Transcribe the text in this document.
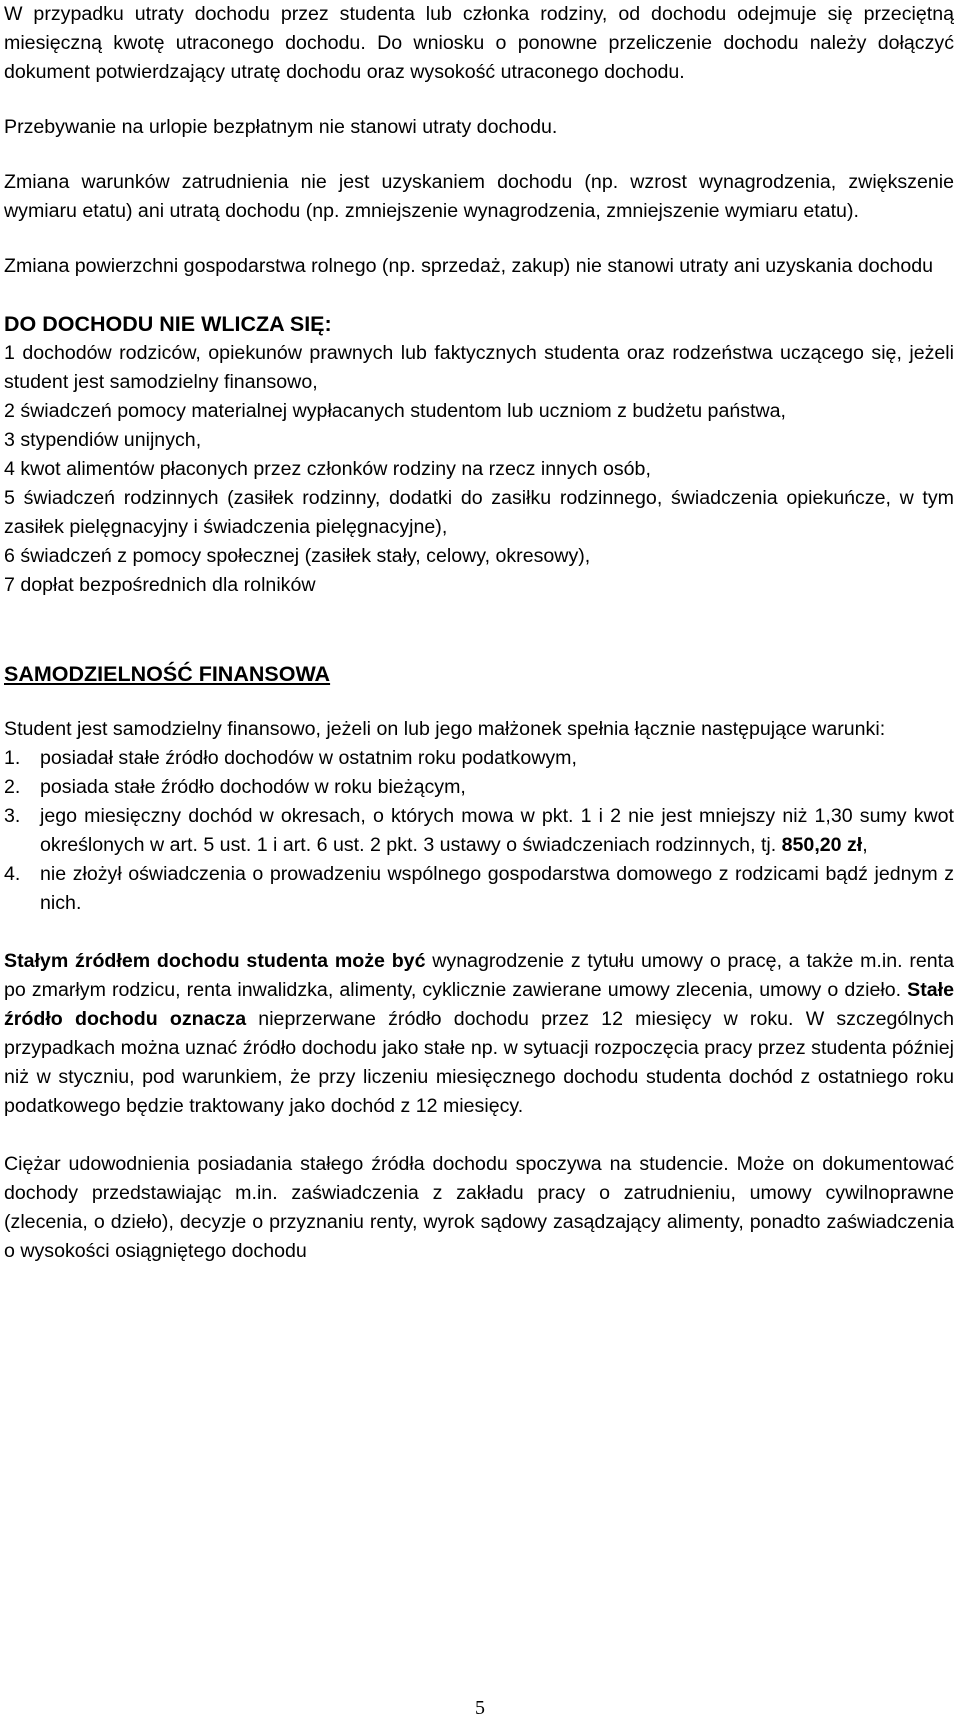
W przypadku utraty dochodu przez studenta lub członka rodziny, od dochodu odejmuje się przeciętną miesięczną kwotę utraconego dochodu. Do wniosku o ponowne przeliczenie dochodu należy dołączyć dokument potwierdzający utratę dochodu oraz wysokość utraconego dochodu.

Przebywanie na urlopie bezpłatnym nie stanowi utraty dochodu.

Zmiana warunków zatrudnienia nie jest uzyskaniem dochodu (np. wzrost wynagrodzenia, zwiększenie wymiaru etatu) ani utratą dochodu (np. zmniejszenie wynagrodzenia, zmniejszenie wymiaru etatu).

Zmiana powierzchni gospodarstwa rolnego (np. sprzedaż, zakup) nie stanowi utraty ani uzyskania dochodu

DO DOCHODU NIE WLICZA SIĘ:
1 dochodów rodziców, opiekunów prawnych lub faktycznych studenta oraz rodzeństwa uczącego się, jeżeli student jest samodzielny finansowo,
2 świadczeń pomocy materialnej wypłacanych studentom lub uczniom z budżetu państwa,
3 stypendiów unijnych,
4 kwot alimentów płaconych przez członków rodziny na rzecz innych osób,
5 świadczeń rodzinnych (zasiłek rodzinny, dodatki do zasiłku rodzinnego, świadczenia opiekuńcze, w tym zasiłek pielęgnacyjny i świadczenia pielęgnacyjne),
6 świadczeń z pomocy społecznej (zasiłek stały, celowy, okresowy),
7 dopłat bezpośrednich dla rolników
SAMODZIELNOŚĆ FINANSOWA

Student jest samodzielny finansowo, jeżeli on lub jego małżonek spełnia łącznie następujące warunki:

1.	posiadał stałe źródło dochodów w ostatnim roku podatkowym,
2.	posiada stałe źródło dochodów w roku bieżącym,
3.	jego miesięczny dochód w okresach, o których mowa w pkt. 1 i 2 nie jest mniejszy niż 1,30 sumy kwot określonych w art. 5 ust. 1 i art. 6 ust. 2 pkt. 3 ustawy o świadczeniach rodzinnych, tj. 850,20 zł,
4.	nie złożył oświadczenia o prowadzeniu wspólnego gospodarstwa domowego z rodzicami bądź jednym z nich.

Stałym źródłem dochodu studenta może być wynagrodzenie z tytułu umowy o pracę, a także m.in. renta po zmarłym rodzicu, renta inwalidzka, alimenty, cyklicznie zawierane umowy zlecenia, umowy o dzieło. Stałe źródło dochodu oznacza nieprzerwane źródło dochodu przez 12 miesięcy w roku. W szczególnych przypadkach można uznać źródło dochodu jako stałe np. w sytuacji rozpoczęcia pracy przez studenta później niż w styczniu, pod warunkiem, że przy liczeniu miesięcznego dochodu studenta dochód z ostatniego roku podatkowego będzie traktowany jako dochód z 12 miesięcy.

Ciężar udowodnienia posiadania stałego źródła dochodu spoczywa na studencie. Może on dokumentować dochody przedstawiając m.in. zaświadczenia z zakładu pracy o zatrudnieniu, umowy cywilnoprawne (zlecenia, o dzieło), decyzje o przyznaniu renty, wyrok sądowy zasądzający alimenty, ponadto zaświadczenia o wysokości osiągniętego dochodu

5
